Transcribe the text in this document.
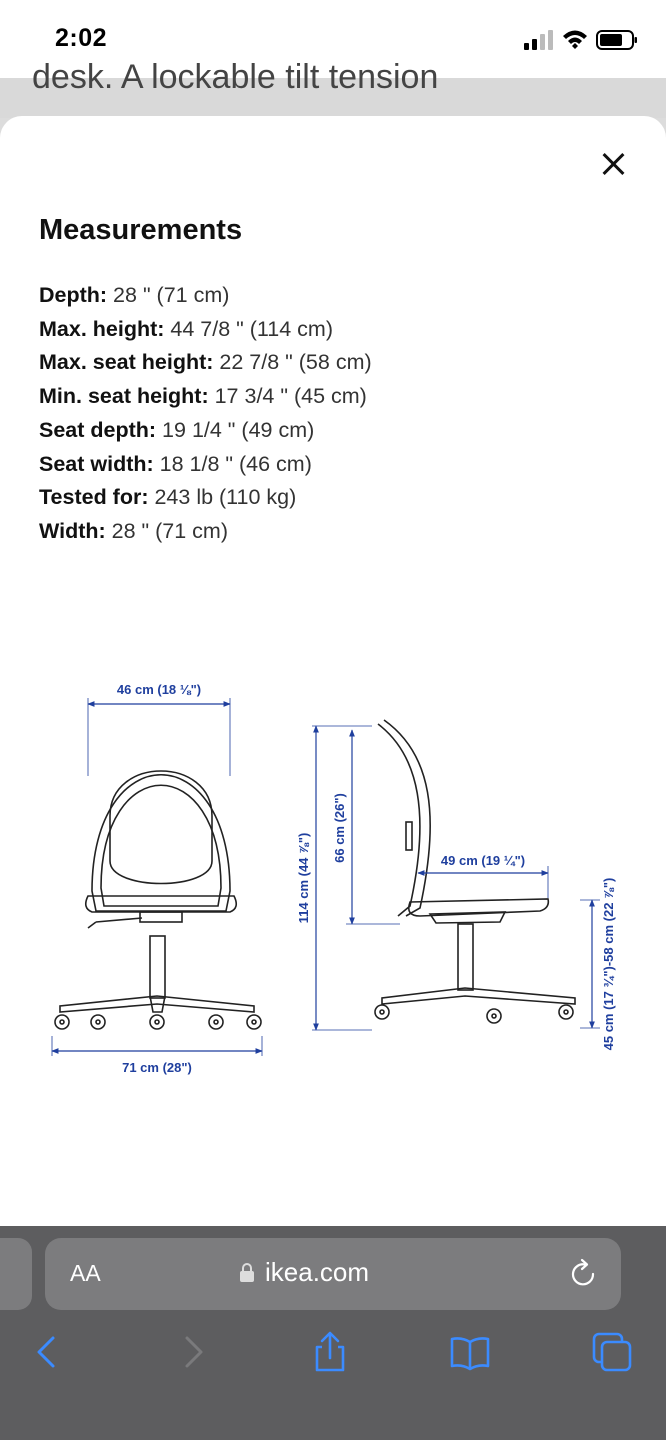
2:02
desk. A lockable tilt tension
Measurements
Depth: 28 " (71 cm)
Max. height: 44 7/8 " (114 cm)
Max. seat height: 22 7/8 " (58 cm)
Min. seat height: 17 3/4 " (45 cm)
Seat depth: 19 1/4 " (49 cm)
Seat width: 18 1/8 " (46 cm)
Tested for: 243 lb (110 kg)
Width: 28 " (71 cm)
46 cm (18 ⅛")
71 cm (28")
114 cm (44 ⅞")
66 cm (26")	49 cm (19 ¼")
45 cm (17 ¾")-58 cm (22 ⅞")
AA	ikea.com
